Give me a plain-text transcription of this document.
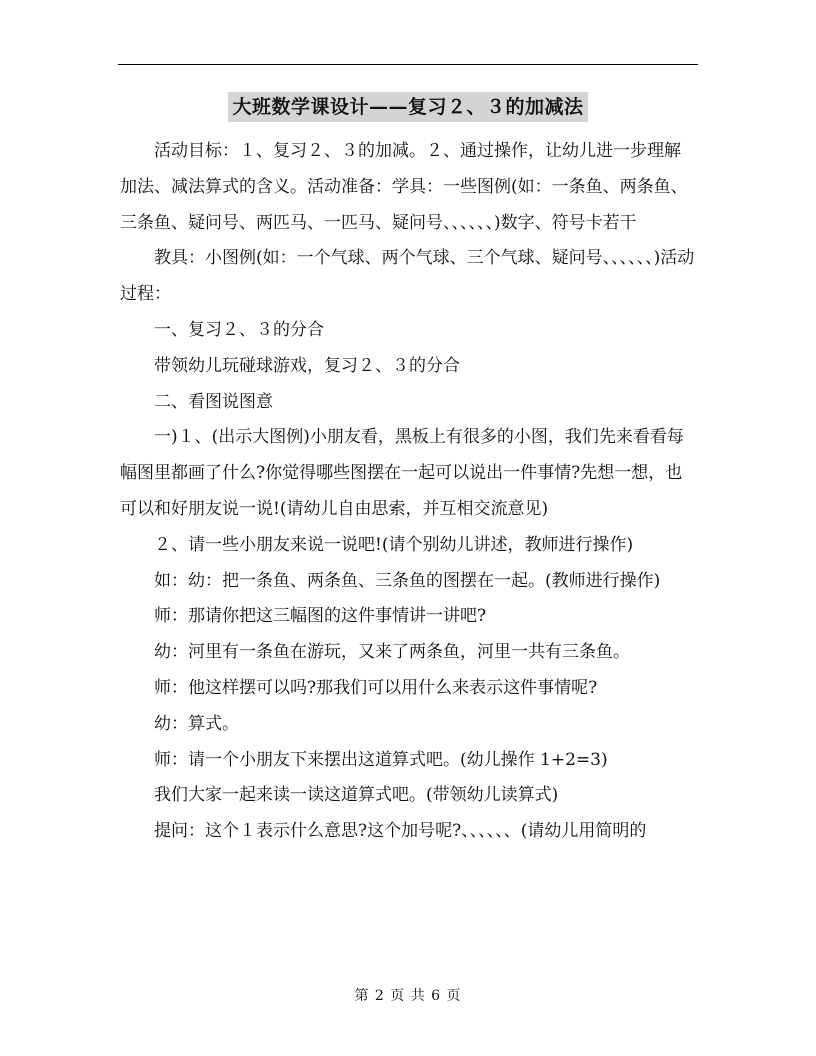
大班数学课设计——复习２、３的加减法

活动目标：１、复习２、３的加减。２、通过操作，让幼儿进一步理解加法、减法算式的含义。活动准备：学具：一些图例(如：一条鱼、两条鱼、三条鱼、疑问号、两匹马、一匹马、疑问号、、、、、、)数字、符号卡若干

教具：小图例(如：一个气球、两个气球、三个气球、疑问号、、、、、、)活动过程：

一、复习２、３的分合

带领幼儿玩碰球游戏，复习２、３的分合

二、看图说图意

一)１、(出示大图例)小朋友看，黑板上有很多的小图，我们先来看看每幅图里都画了什么?你觉得哪些图摆在一起可以说出一件事情?先想一想，也可以和好朋友说一说!(请幼儿自由思索，并互相交流意见)

２、请一些小朋友来说一说吧!(请个别幼儿讲述，教师进行操作)

如：幼：把一条鱼、两条鱼、三条鱼的图摆在一起。(教师进行操作)

师：那请你把这三幅图的这件事情讲一讲吧?

幼：河里有一条鱼在游玩，又来了两条鱼，河里一共有三条鱼。

师：他这样摆可以吗?那我们可以用什么来表示这件事情呢?

幼：算式。

师：请一个小朋友下来摆出这道算式吧。(幼儿操作 1+2=3)

我们大家一起来读一读这道算式吧。(带领幼儿读算式)

提问：这个１表示什么意思?这个加号呢?、、、、、、(请幼儿用简明的

第 2 页 共 6 页
